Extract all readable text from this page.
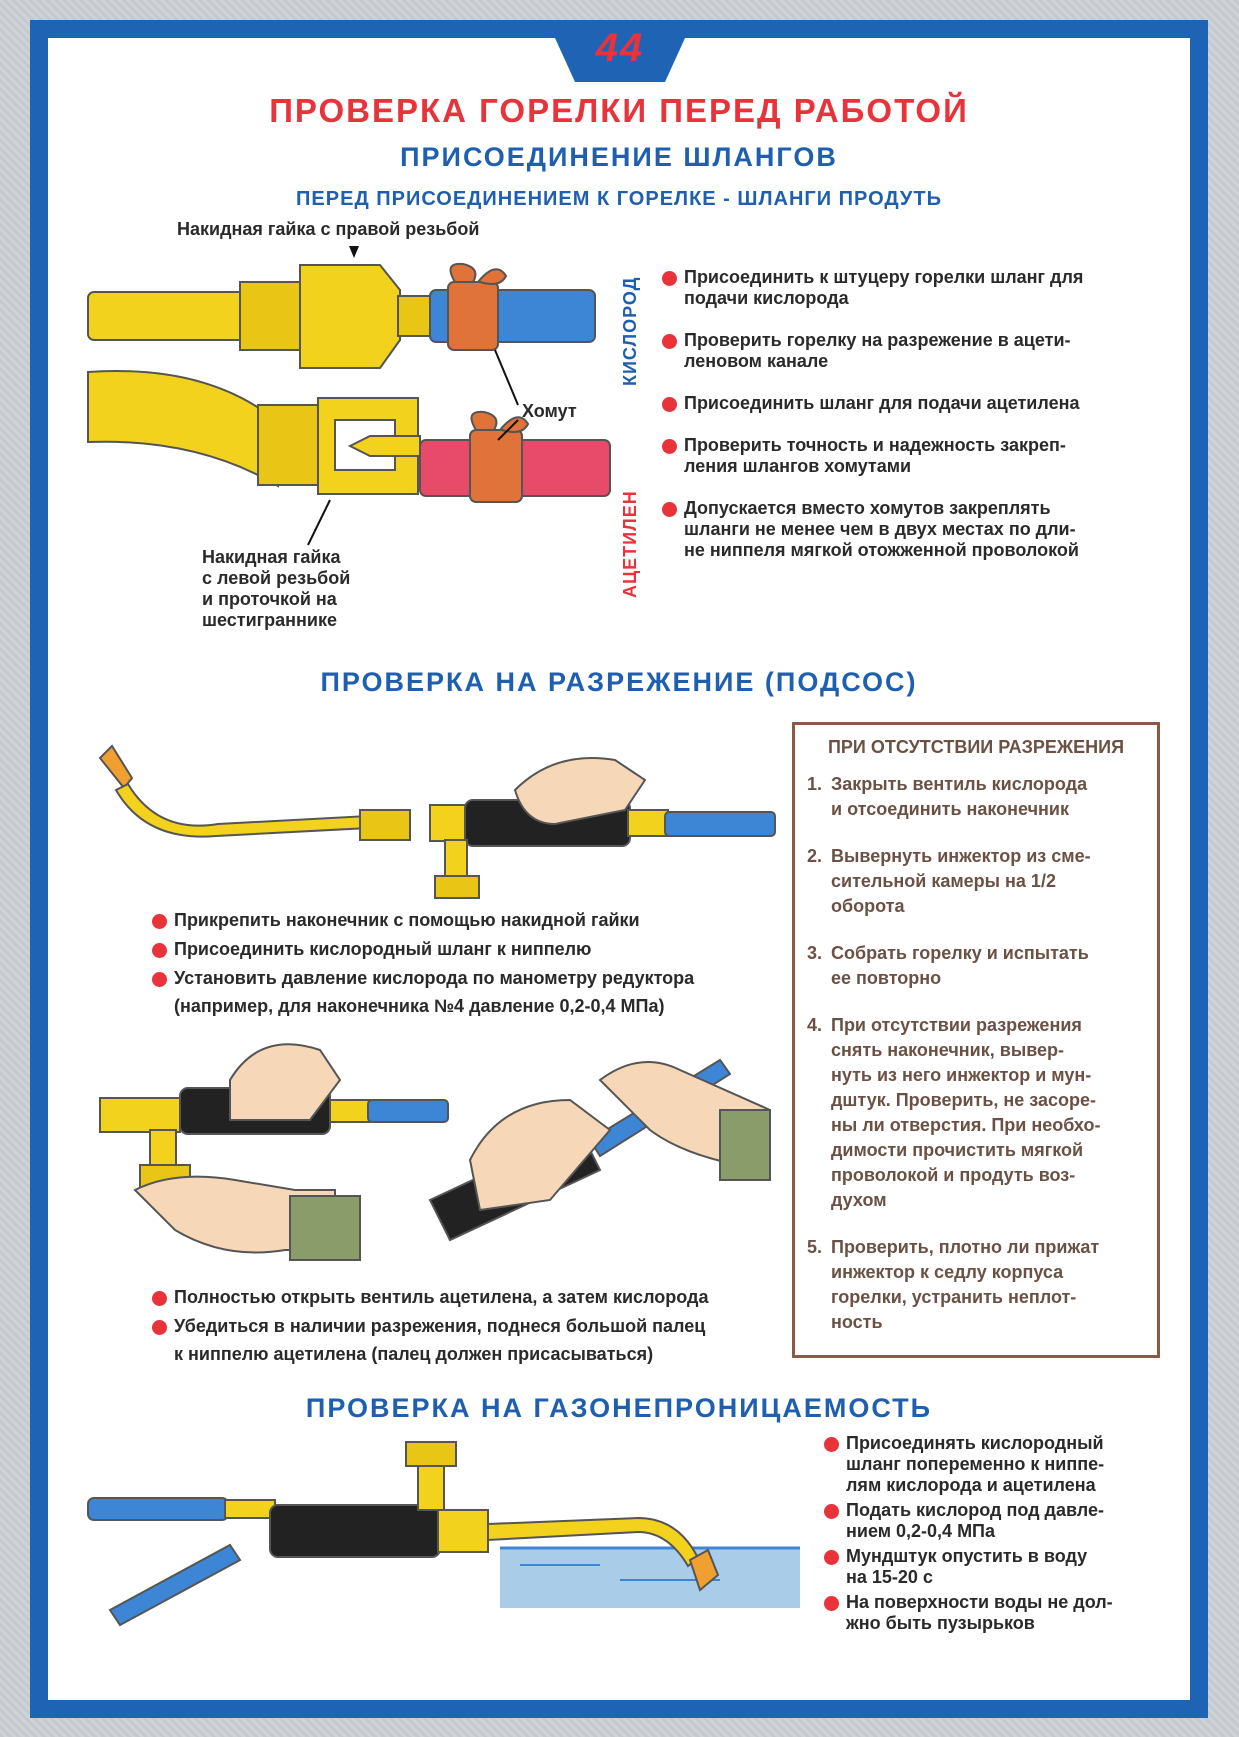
44
ПРОВЕРКА ГОРЕЛКИ ПЕРЕД РАБОТОЙ
ПРИСОЕДИНЕНИЕ ШЛАНГОВ
ПЕРЕД ПРИСОЕДИНЕНИЕМ К ГОРЕЛКЕ - ШЛАНГИ ПРОДУТЬ
Накидная гайка с правой резьбой
Хомут
Накидная гайка
с левой резьбой
и проточкой на
шестиграннике
КИСЛОРОД
АЦЕТИЛЕН
Присоединить к штуцеру горелки шланг для
подачи кислорода
Проверить горелку на разрежение в ацети-
леновом канале
Присоединить шланг для подачи ацетилена
Проверить точность и надежность закреп-
ления шлангов хомутами
Допускается вместо хомутов закреплять
шланги не менее чем в двух местах по дли-
не ниппеля мягкой отожженной проволокой
ПРОВЕРКА НА РАЗРЕЖЕНИЕ (ПОДСОС)
Прикрепить наконечник с помощью накидной гайки
Присоединить кислородный шланг к ниппелю
Установить давление кислорода по манометру редуктора
(например, для наконечника №4 давление 0,2-0,4 МПа)
Полностью открыть вентиль ацетилена, а затем кислорода
Убедиться в наличии разрежения, поднеся большой палец
к ниппелю ацетилена (палец должен присасываться)
ПРИ ОТСУТСТВИИ РАЗРЕЖЕНИЯ
1. Закрыть вентиль кислорода
и отсоединить наконечник
2. Вывернуть инжектор из сме-
сительной камеры на 1/2
оборота
3. Собрать горелку и испытать
ее повторно
4. При отсутствии разрежения
снять наконечник, вывер-
нуть из него инжектор и мун-
дштук. Проверить, не засоре-
ны ли отверстия. При необхо-
димости прочистить мягкой
проволокой и продуть воз-
духом
5. Проверить, плотно ли прижат
инжектор к седлу корпуса
горелки, устранить неплот-
ность
ПРОВЕРКА НА ГАЗОНЕПРОНИЦАЕМОСТЬ
Присоединять кислородный
шланг попеременно к ниппе-
лям кислорода и ацетилена
Подать кислород под давле-
нием 0,2-0,4 МПа
Мундштук опустить в воду
на 15-20 с
На поверхности воды не дол-
жно быть пузырьков
